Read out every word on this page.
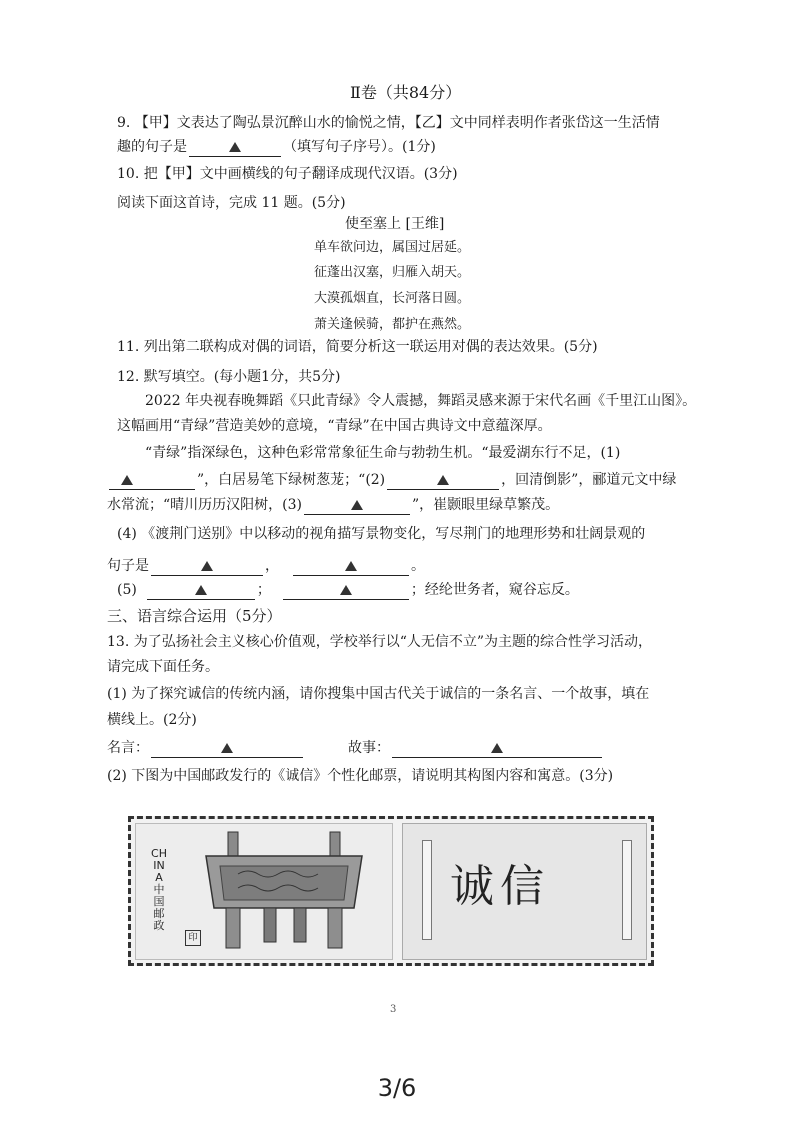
Ⅱ卷（共84分）
9. 【甲】文表达了陶弘景沉醉山水的愉悦之情，【乙】文中同样表明作者张岱这一生活情
趣的句子是	（填写句子序号）。(1分)
10. 把【甲】文中画横线的句子翻译成现代汉语。(3分)
阅读下面这首诗，完成 11 题。(5分)
使至塞上 [王维]
单车欲问边，属国过居延。
征蓬出汉塞，归雁入胡天。
大漠孤烟直，长河落日圆。
萧关逢候骑，都护在燕然。
11. 列出第二联构成对偶的词语，简要分析这一联运用对偶的表达效果。(5分)
12. 默写填空。(每小题1分，共5分)
2022 年央视春晚舞蹈《只此青绿》令人震撼，舞蹈灵感来源于宋代名画《千里江山图》。
这幅画用“青绿”营造美妙的意境，“青绿”在中国古典诗文中意蕴深厚。
“青绿”指深绿色，这种色彩常常象征生命与勃勃生机。“最爱湖东行不足，(1)
”，白居易笔下绿树葱茏；“(2)	，回清倒影”，郦道元文中绿
水常流；“晴川历历汉阳树，(3)	”，崔颢眼里绿草繁茂。
(4) 《渡荆门送别》中以移动的视角描写景物变化，写尽荆门的地理形势和壮阔景观的
句子是	，	。
(5)	；	；经纶世务者，窥谷忘反。
三、语言综合运用（5分）
13. 为了弘扬社会主义核心价值观，学校举行以“人无信不立”为主题的综合性学习活动，
请完成下面任务。
(1) 为了探究诚信的传统内涵，请你搜集中国古代关于诚信的一条名言、一个故事，填在
横线上。(2分)
名言：	故事：
(2) 下图为中国邮政发行的《诚信》个性化邮票，请说明其构图内容和寓意。(3分)
CHINA中国邮政
印
诚信
3
3/6
